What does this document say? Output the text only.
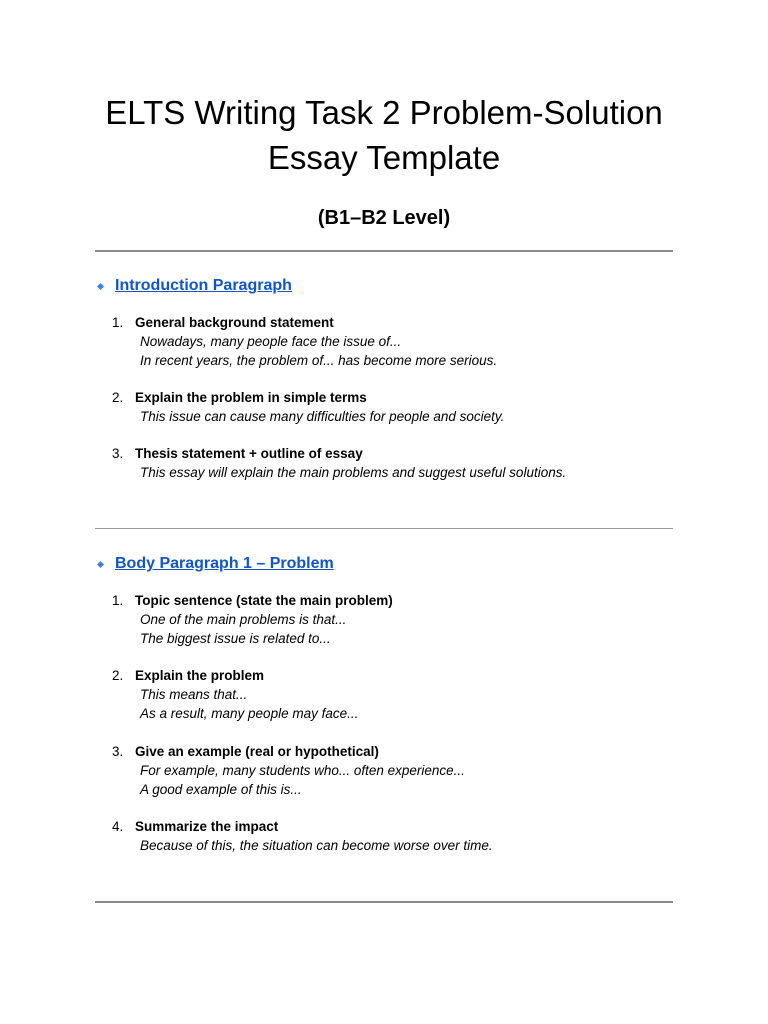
ELTS Writing Task 2 Problem-Solution
Essay Template
(B1–B2 Level)
Introduction Paragraph
1. General background statement
Nowadays, many people face the issue of...
In recent years, the problem of... has become more serious.
2. Explain the problem in simple terms
This issue can cause many difficulties for people and society.
3. Thesis statement + outline of essay
This essay will explain the main problems and suggest useful solutions.
Body Paragraph 1 – Problem
1. Topic sentence (state the main problem)
One of the main problems is that...
The biggest issue is related to...
2. Explain the problem
This means that...
As a result, many people may face...
3. Give an example (real or hypothetical)
For example, many students who... often experience...
A good example of this is...
4. Summarize the impact
Because of this, the situation can become worse over time.
